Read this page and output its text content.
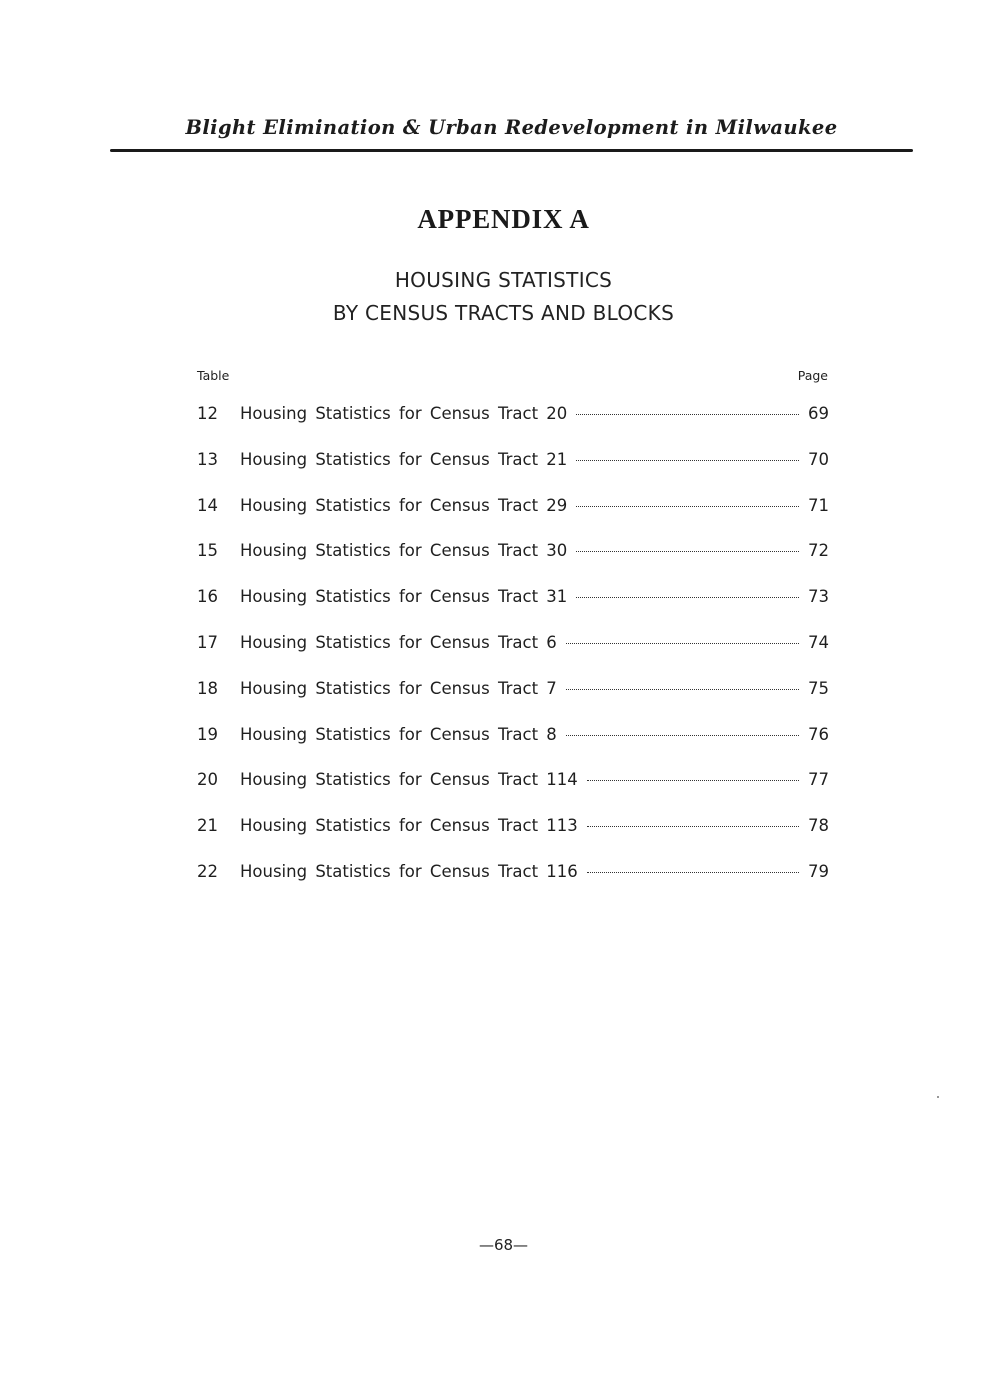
Blight Elimination & Urban Redevelopment in Milwaukee
APPENDIX A
HOUSING STATISTICS
BY CENSUS TRACTS AND BLOCKS
Table	Page
12	Housing Statistics for Census Tract 20	69
13	Housing Statistics for Census Tract 21	70
14	Housing Statistics for Census Tract 29	71
15	Housing Statistics for Census Tract 30	72
16	Housing Statistics for Census Tract 31	73
17	Housing Statistics for Census Tract 6	74
18	Housing Statistics for Census Tract 7	75
19	Housing Statistics for Census Tract 8	76
20	Housing Statistics for Census Tract 114	77
21	Housing Statistics for Census Tract 113	78
22	Housing Statistics for Census Tract 116	79
—68—
